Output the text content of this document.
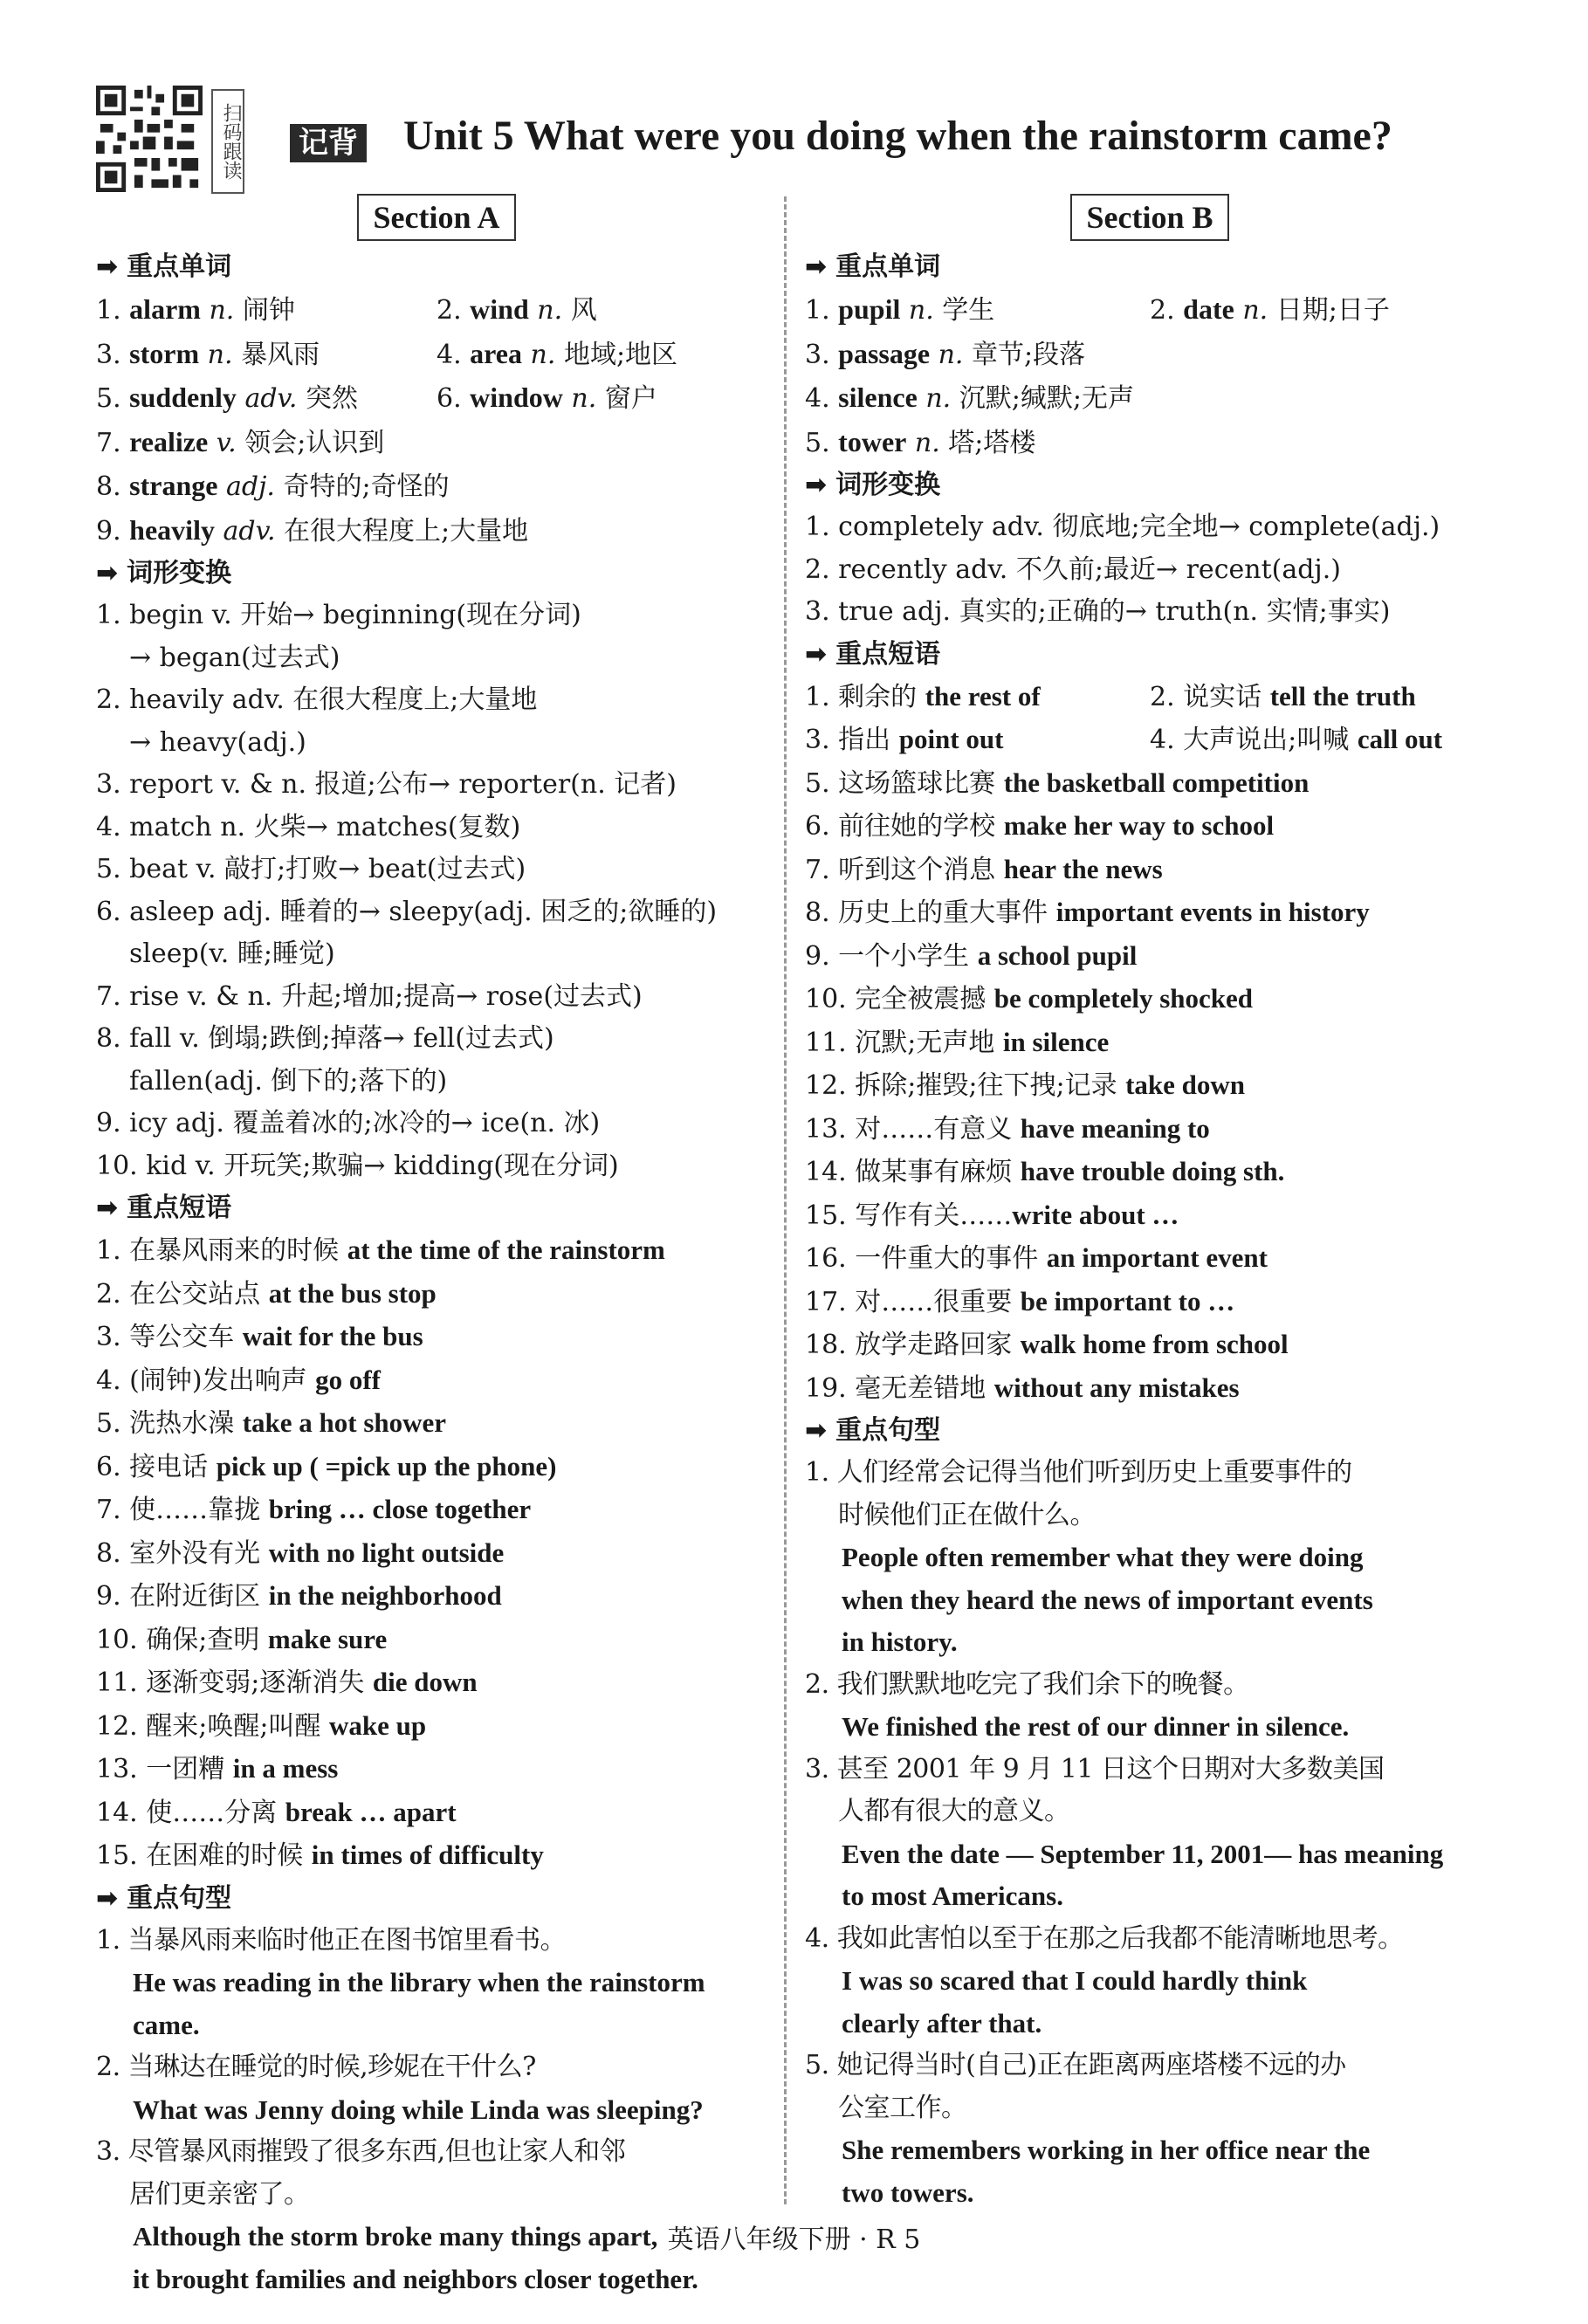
扫码跟读 记背 Unit 5 What were you doing when the rainstorm came?
Section A
➡ 重点单词
1. alarm n. 闹钟	2. wind n. 风
3. storm n. 暴风雨	4. area n. 地域;地区
5. suddenly adv. 突然	6. window n. 窗户
7. realize v. 领会;认识到
8. strange adj. 奇特的;奇怪的
9. heavily adv. 在很大程度上;大量地
➡ 词形变换
1. begin v. 开始→ beginning(现在分词)
→ began(过去式)
2. heavily adv. 在很大程度上;大量地
→ heavy(adj.)
3. report v. & n. 报道;公布→ reporter(n. 记者)
4. match n. 火柴→ matches(复数)
5. beat v. 敲打;打败→ beat(过去式)
6. asleep adj. 睡着的→ sleepy(adj. 困乏的;欲睡的)
sleep(v. 睡;睡觉)
7. rise v. & n. 升起;增加;提高→ rose(过去式)
8. fall v. 倒塌;跌倒;掉落→ fell(过去式)
fallen(adj. 倒下的;落下的)
9. icy adj. 覆盖着冰的;冰冷的→ ice(n. 冰)
10. kid v. 开玩笑;欺骗→ kidding(现在分词)
➡ 重点短语
1. 在暴风雨来的时候 at the time of the rainstorm
2. 在公交站点 at the bus stop
3. 等公交车 wait for the bus
4. (闹钟)发出响声 go off
5. 洗热水澡 take a hot shower
6. 接电话 pick up ( =pick up the phone)
7. 使……靠拢 bring … close together
8. 室外没有光 with no light outside
9. 在附近街区 in the neighborhood
10. 确保;查明 make sure
11. 逐渐变弱;逐渐消失 die down
12. 醒来;唤醒;叫醒 wake up
13. 一团糟 in a mess
14. 使……分离 break … apart
15. 在困难的时候 in times of difficulty
➡ 重点句型
1. 当暴风雨来临时他正在图书馆里看书。
He was reading in the library when the rainstorm
came.
2. 当琳达在睡觉的时候,珍妮在干什么?
What was Jenny doing while Linda was sleeping?
3. 尽管暴风雨摧毁了很多东西,但也让家人和邻
居们更亲密了。
Although the storm broke many things apart,
it brought families and neighbors closer together.
Section B
➡ 重点单词
1. pupil n. 学生	2. date n. 日期;日子
3. passage n. 章节;段落
4. silence n. 沉默;缄默;无声
5. tower n. 塔;塔楼
➡ 词形变换
1. completely adv. 彻底地;完全地→ complete(adj.)
2. recently adv. 不久前;最近→ recent(adj.)
3. true adj. 真实的;正确的→ truth(n. 实情;事实)
➡ 重点短语
1. 剩余的 the rest of	2. 说实话 tell the truth
3. 指出 point out	4. 大声说出;叫喊 call out
5. 这场篮球比赛 the basketball competition
6. 前往她的学校 make her way to school
7. 听到这个消息 hear the news
8. 历史上的重大事件 important events in history
9. 一个小学生 a school pupil
10. 完全被震撼 be completely shocked
11. 沉默;无声地 in silence
12. 拆除;摧毁;往下拽;记录 take down
13. 对……有意义 have meaning to
14. 做某事有麻烦 have trouble doing sth.
15. 写作有关……write about …
16. 一件重大的事件 an important event
17. 对……很重要 be important to …
18. 放学走路回家 walk home from school
19. 毫无差错地 without any mistakes
➡ 重点句型
1. 人们经常会记得当他们听到历史上重要事件的
时候他们正在做什么。
People often remember what they were doing
when they heard the news of important events
in history.
2. 我们默默地吃完了我们余下的晚餐。
We finished the rest of our dinner in silence.
3. 甚至 2001 年 9 月 11 日这个日期对大多数美国
人都有很大的意义。
Even the date — September 11, 2001— has meaning
to most Americans.
4. 我如此害怕以至于在那之后我都不能清晰地思考。
I was so scared that I could hardly think
clearly after that.
5. 她记得当时(自己)正在距离两座塔楼不远的办
公室工作。
She remembers working in her office near the
two towers.
英语八年级下册 · R 5
